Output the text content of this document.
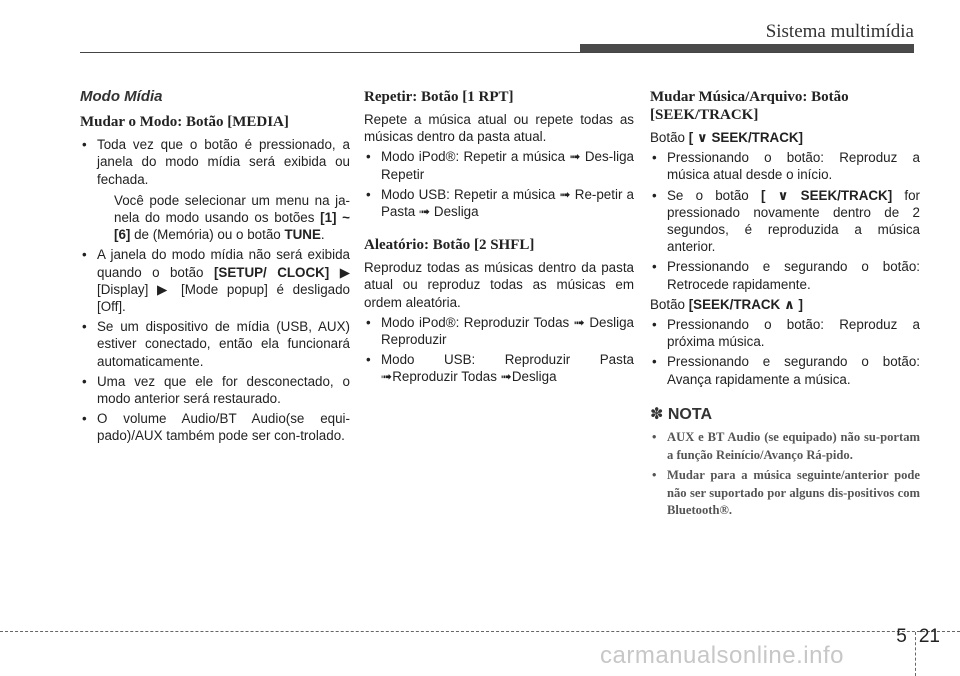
Sistema multimídia
Modo Mídia
Mudar o Modo: Botão [MEDIA]
• Toda vez que o botão é pressionado, a janela do modo mídia será exibida ou fechada.
Você pode selecionar um menu na ja-nela do modo usando os botões [1] ~ [6] de (Memória) ou o botão TUNE.
• A janela do modo mídia não será exibida quando o botão [SETUP/ CLOCK] ▶ [Display] ▶ [Mode popup] é desligado [Off].
• Se um dispositivo de mídia (USB, AUX) estiver conectado, então ela funcionará automaticamente.
• Uma vez que ele for desconectado, o modo anterior será restaurado.
• O volume Audio/BT Audio(se equi-pado)/AUX também pode ser con-trolado.
Repetir: Botão [1 RPT]

Repete a música atual ou repete todas as músicas dentro da pasta atual.

• Modo iPod®: Repetir a música ➟ Des-liga Repetir
• Modo USB: Repetir a música ➟ Re-petir a Pasta ➟ Desliga
Aleatório: Botão [2 SHFL]

Reproduz todas as músicas dentro da pasta atual ou reproduz todas as músicas em ordem aleatória.

• Modo iPod®: Reproduzir Todas ➟ Desliga Reproduzir
• Modo USB: Reproduzir Pasta ➟Reproduzir Todas ➟Desliga
Mudar Música/Arquivo: Botão [SEEK/TRACK]

Botão [ ∨ SEEK/TRACK]

• Pressionando o botão: Reproduz a música atual desde o início.
• Se o botão [ ∨ SEEK/TRACK] for pressionado novamente dentro de 2 segundos, é reproduzida a música anterior.
• Pressionando e segurando o botão: Retrocede rapidamente.

Botão [SEEK/TRACK ∧ ]

• Pressionando o botão: Reproduz a próxima música.
• Pressionando e segurando o botão: Avança rapidamente a música.
✽ NOTA
• AUX e BT Audio (se equipado) não su-portam a função Reinício/Avanço Rá-pido.
• Mudar para a música seguinte/anterior pode não ser suportado por alguns dis-positivos com Bluetooth®.
5 21
carmanualsonline.info
